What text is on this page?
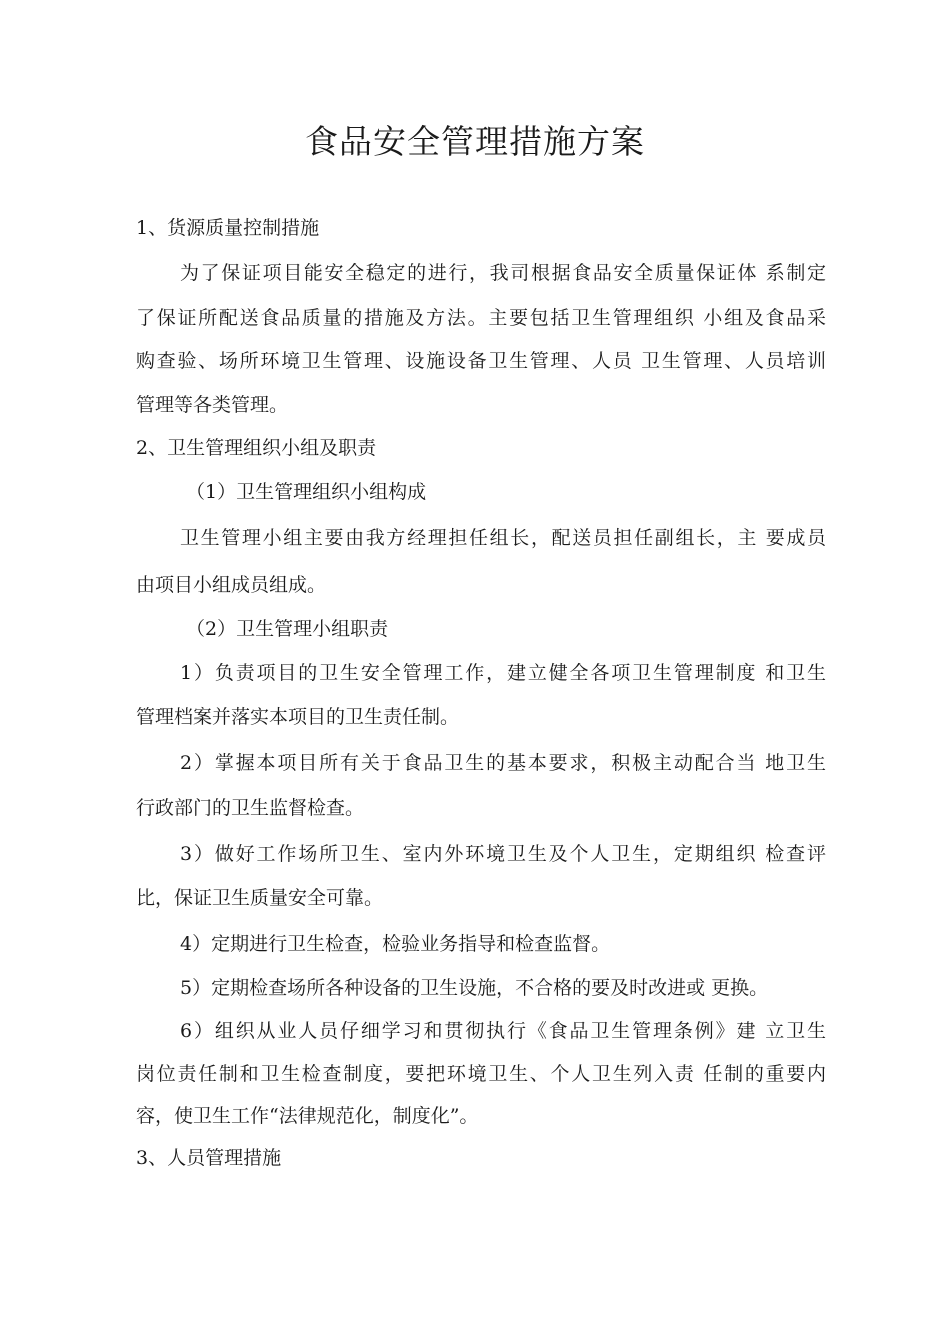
食品安全管理措施方案
1、货源质量控制措施
为了保证项目能安全稳定的进行，我司根据食品安全质量保证体 系制定
了保证所配送食品质量的措施及方法。主要包括卫生管理组织 小组及食品采
购查验、场所环境卫生管理、设施设备卫生管理、人员 卫生管理、人员培训
管理等各类管理。
2、卫生管理组织小组及职责
（1）卫生管理组织小组构成
卫生管理小组主要由我方经理担任组长，配送员担任副组长，主 要成员
由项目小组成员组成。
（2）卫生管理小组职责
1）负责项目的卫生安全管理工作，建立健全各项卫生管理制度 和卫生
管理档案并落实本项目的卫生责任制。
2）掌握本项目所有关于食品卫生的基本要求，积极主动配合当 地卫生
行政部门的卫生监督检查。
3）做好工作场所卫生、室内外环境卫生及个人卫生，定期组织 检查评
比，保证卫生质量安全可靠。
4）定期进行卫生检查，检验业务指导和检查监督。
5）定期检查场所各种设备的卫生设施，不合格的要及时改进或 更换。
6）组织从业人员仔细学习和贯彻执行《食品卫生管理条例》建 立卫生
岗位责任制和卫生检查制度，要把环境卫生、个人卫生列入责 任制的重要内
容，使卫生工作“法律规范化，制度化”。
3、人员管理措施
